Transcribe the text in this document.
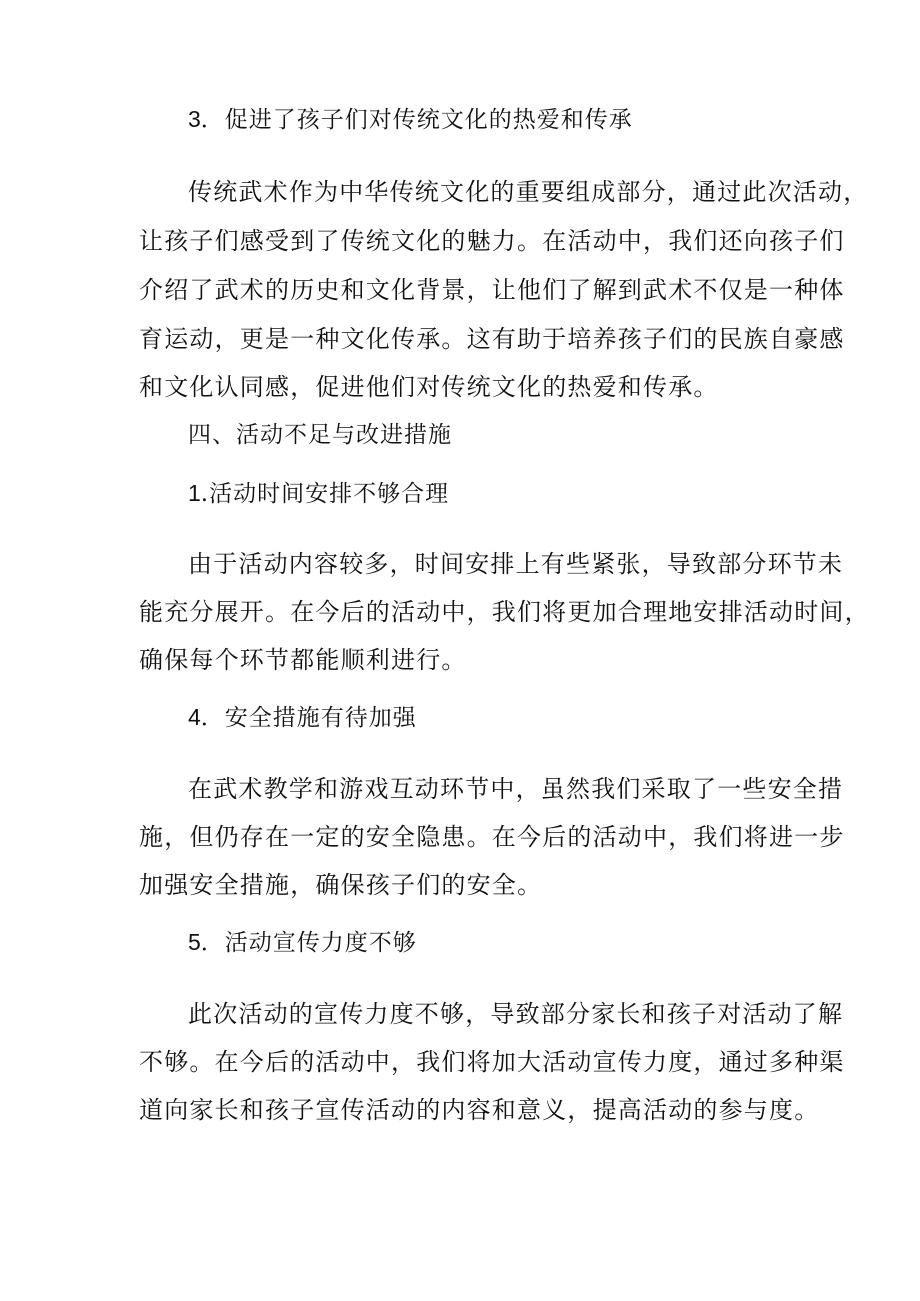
3．促进了孩子们对传统文化的热爱和传承
传统武术作为中华传统文化的重要组成部分，通过此次活动，
让孩子们感受到了传统文化的魅力。在活动中，我们还向孩子们
介绍了武术的历史和文化背景，让他们了解到武术不仅是一种体
育运动，更是一种文化传承。这有助于培养孩子们的民族自豪感
和文化认同感，促进他们对传统文化的热爱和传承。
四、活动不足与改进措施
1.活动时间安排不够合理
由于活动内容较多，时间安排上有些紧张，导致部分环节未
能充分展开。在今后的活动中，我们将更加合理地安排活动时间，
确保每个环节都能顺利进行。
4．安全措施有待加强
在武术教学和游戏互动环节中，虽然我们采取了一些安全措
施，但仍存在一定的安全隐患。在今后的活动中，我们将进一步
加强安全措施，确保孩子们的安全。
5．活动宣传力度不够
此次活动的宣传力度不够，导致部分家长和孩子对活动了解
不够。在今后的活动中，我们将加大活动宣传力度，通过多种渠
道向家长和孩子宣传活动的内容和意义，提高活动的参与度。
